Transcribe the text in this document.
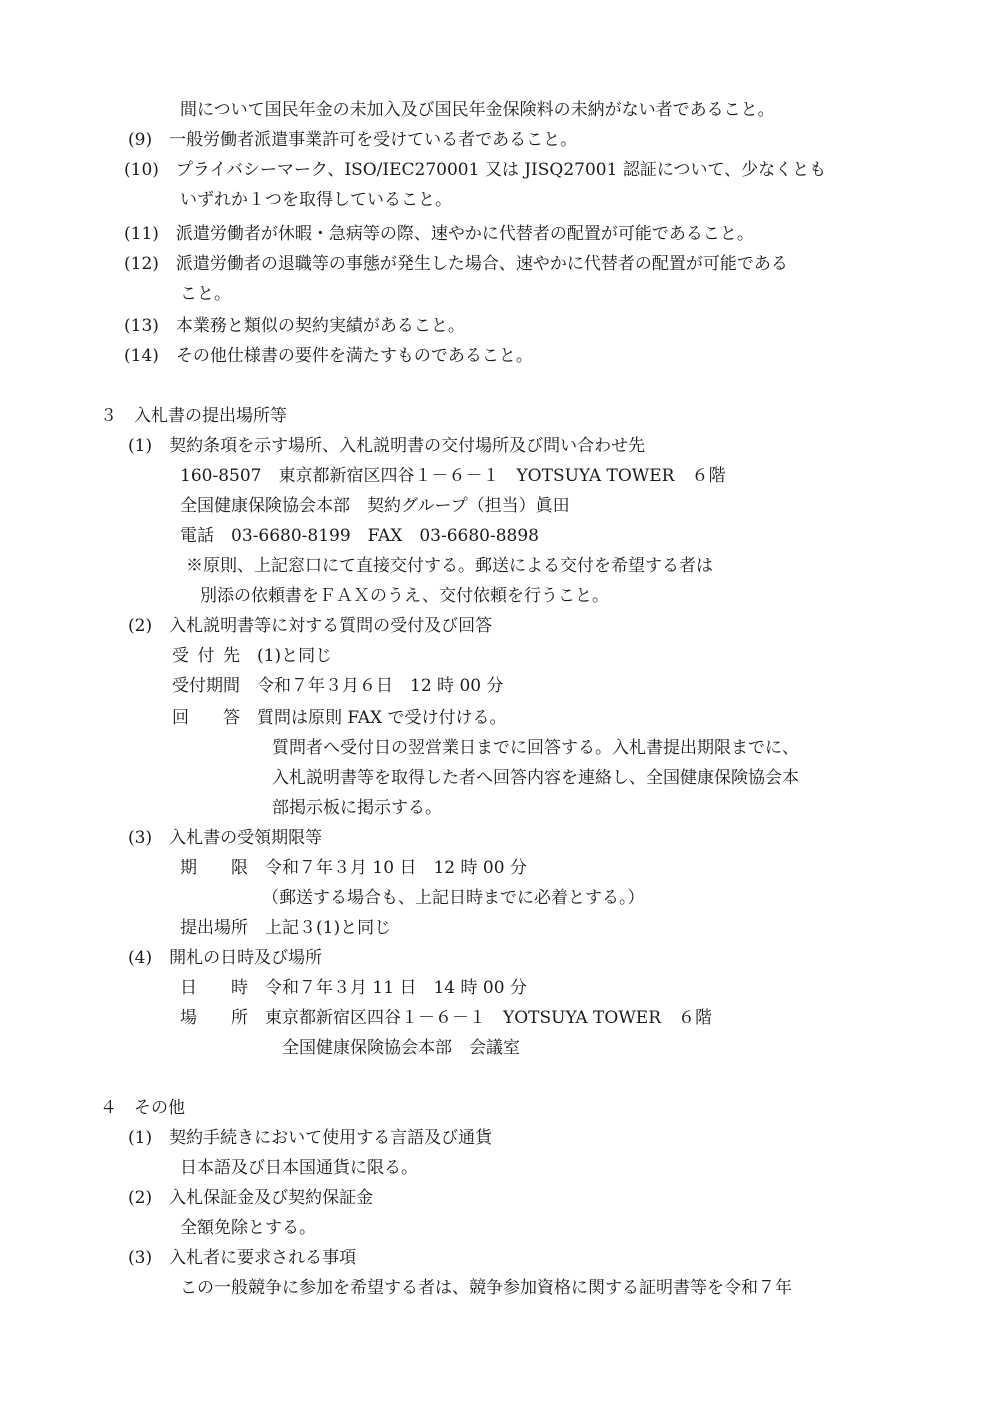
間について国民年金の未加入及び国民年金保険料の未納がない者であること。
(9)　一般労働者派遣事業許可を受けている者であること。
(10)　プライバシーマーク、ISO/IEC270001 又は JISQ27001 認証について、少なくとも
いずれか１つを取得していること。
(11)　派遣労働者が休暇・急病等の際、速やかに代替者の配置が可能であること。
(12)　派遣労働者の退職等の事態が発生した場合、速やかに代替者の配置が可能である
こと。
(13)　本業務と類似の契約実績があること。
(14)　その他仕様書の要件を満たすものであること。
３　入札書の提出場所等
(1)　契約条項を示す場所、入札説明書の交付場所及び問い合わせ先
160-8507　東京都新宿区四谷１－６－１　YOTSUYA TOWER　６階
全国健康保険協会本部　契約グループ（担当）眞田
電話　03-6680-8199　FAX　03-6680-8898
※原則、上記窓口にて直接交付する。郵送による交付を希望する者は
別添の依頼書をＦＡＸのうえ、交付依頼を行うこと。
(2)　入札説明書等に対する質問の受付及び回答
受 付 先　(1)と同じ
受付期間　令和７年３月６日　12 時 00 分
回　　答　質問は原則 FAX で受け付ける。
質問者へ受付日の翌営業日までに回答する。入札書提出期限までに、
入札説明書等を取得した者へ回答内容を連絡し、全国健康保険協会本
部掲示板に掲示する。
(3)　入札書の受領期限等
期　　限　令和７年３月 10 日　12 時 00 分
（郵送する場合も、上記日時までに必着とする。）
提出場所　上記３(1)と同じ
(4)　開札の日時及び場所
日　　時　令和７年３月 11 日　14 時 00 分
場　　所　東京都新宿区四谷１－６－１　YOTSUYA TOWER　６階
全国健康保険協会本部　会議室
４　その他
(1)　契約手続きにおいて使用する言語及び通貨
日本語及び日本国通貨に限る。
(2)　入札保証金及び契約保証金
全額免除とする。
(3)　入札者に要求される事項
この一般競争に参加を希望する者は、競争参加資格に関する証明書等を令和７年
